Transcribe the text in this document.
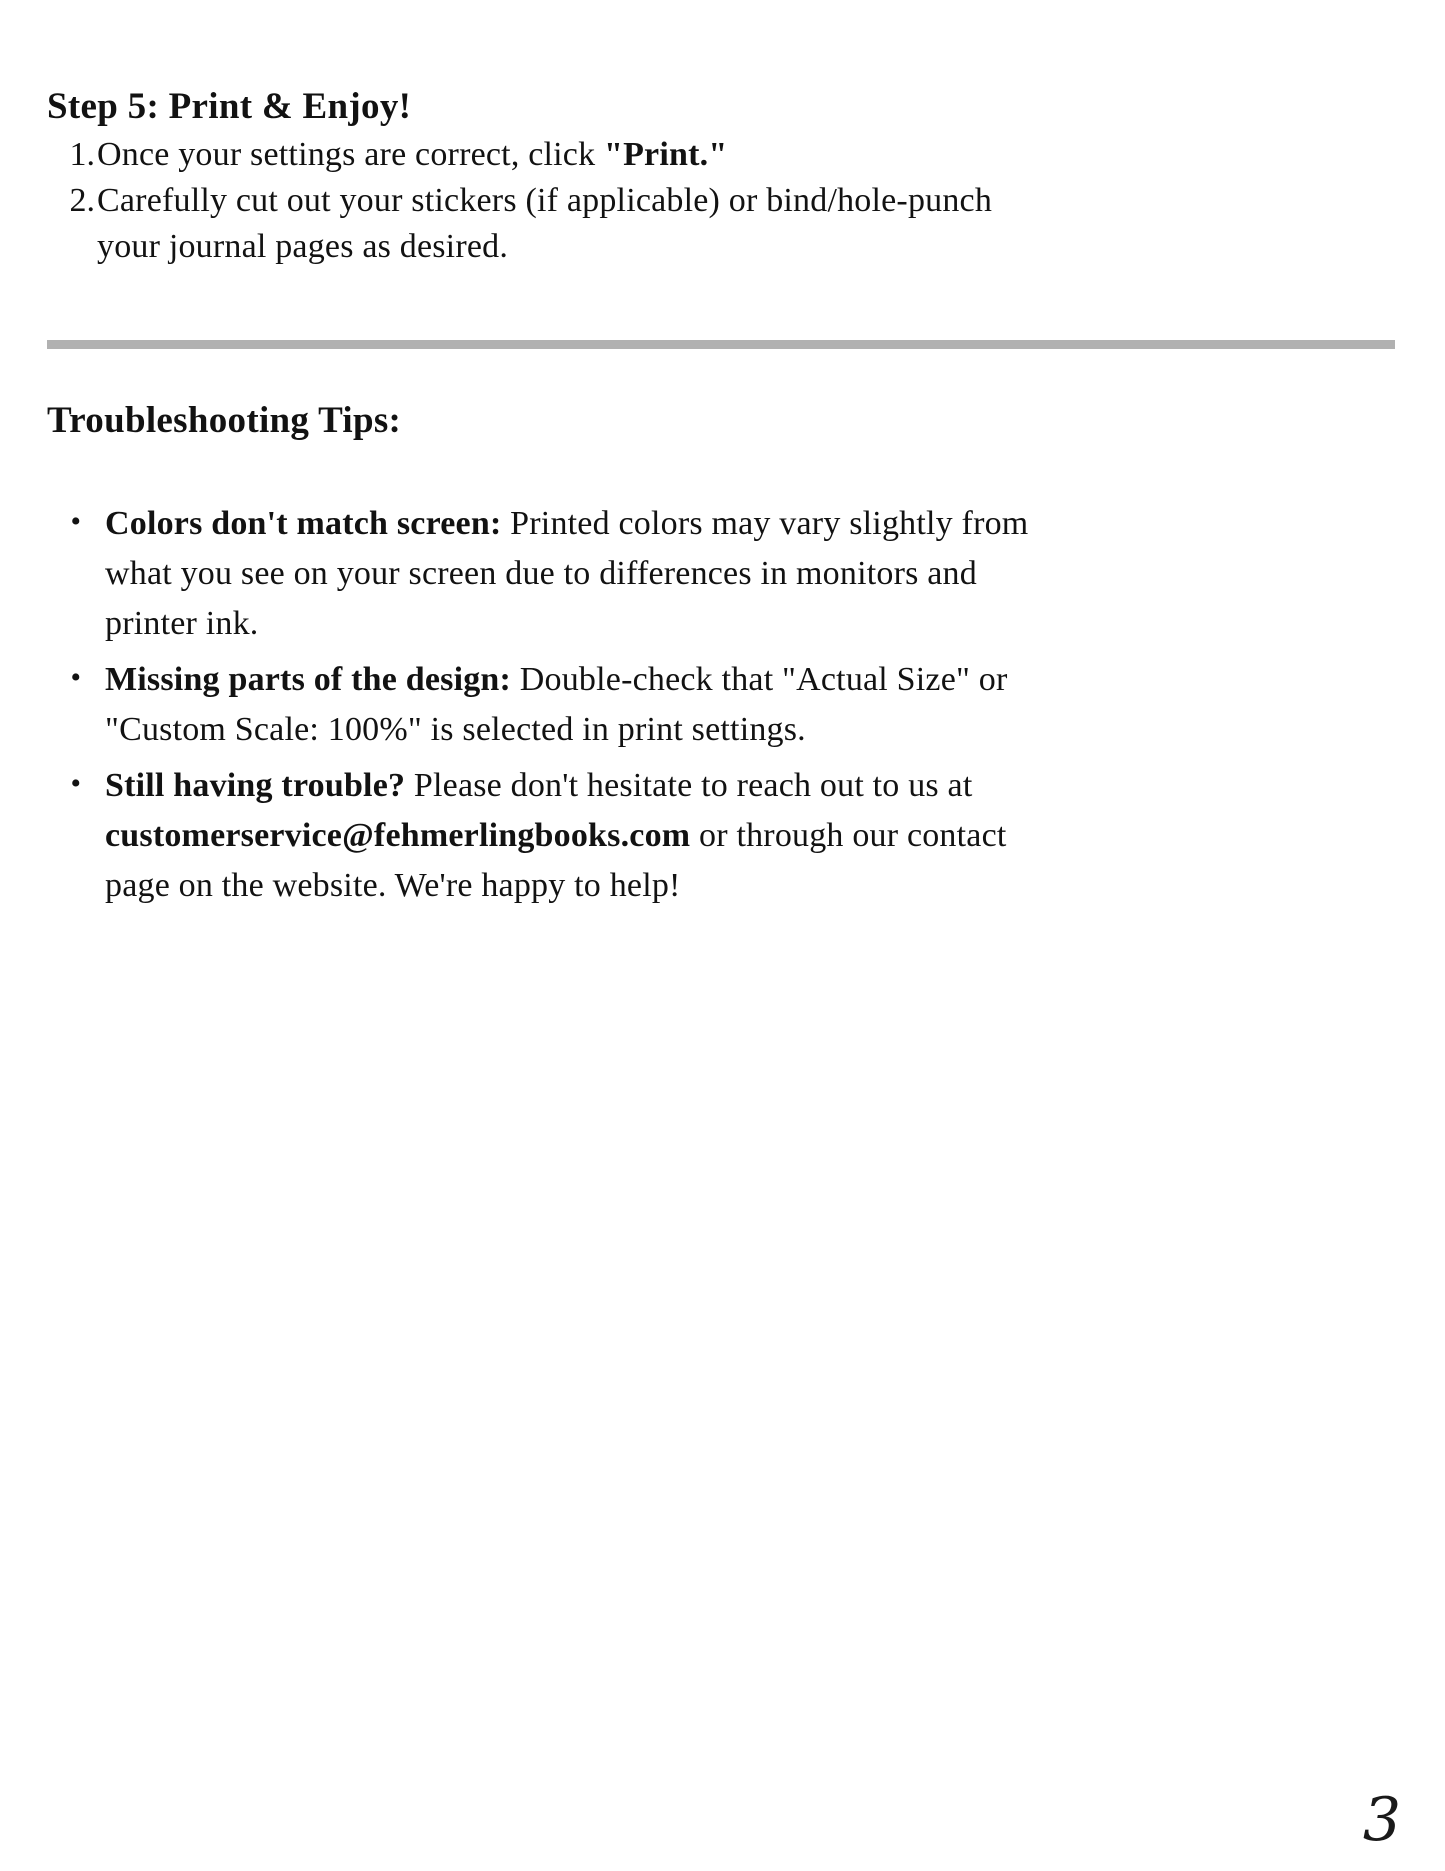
Step 5: Print & Enjoy!
1. Once your settings are correct, click "Print."
2. Carefully cut out your stickers (if applicable) or bind/hole-punch
your journal pages as desired.
Troubleshooting Tips:
• Colors don't match screen: Printed colors may vary slightly from
what you see on your screen due to differences in monitors and
printer ink.
• Missing parts of the design: Double-check that "Actual Size" or
"Custom Scale: 100%" is selected in print settings.
• Still having trouble? Please don't hesitate to reach out to us at
customerservice@fehmerlingbooks.com or through our contact
page on the website. We're happy to help!
3
